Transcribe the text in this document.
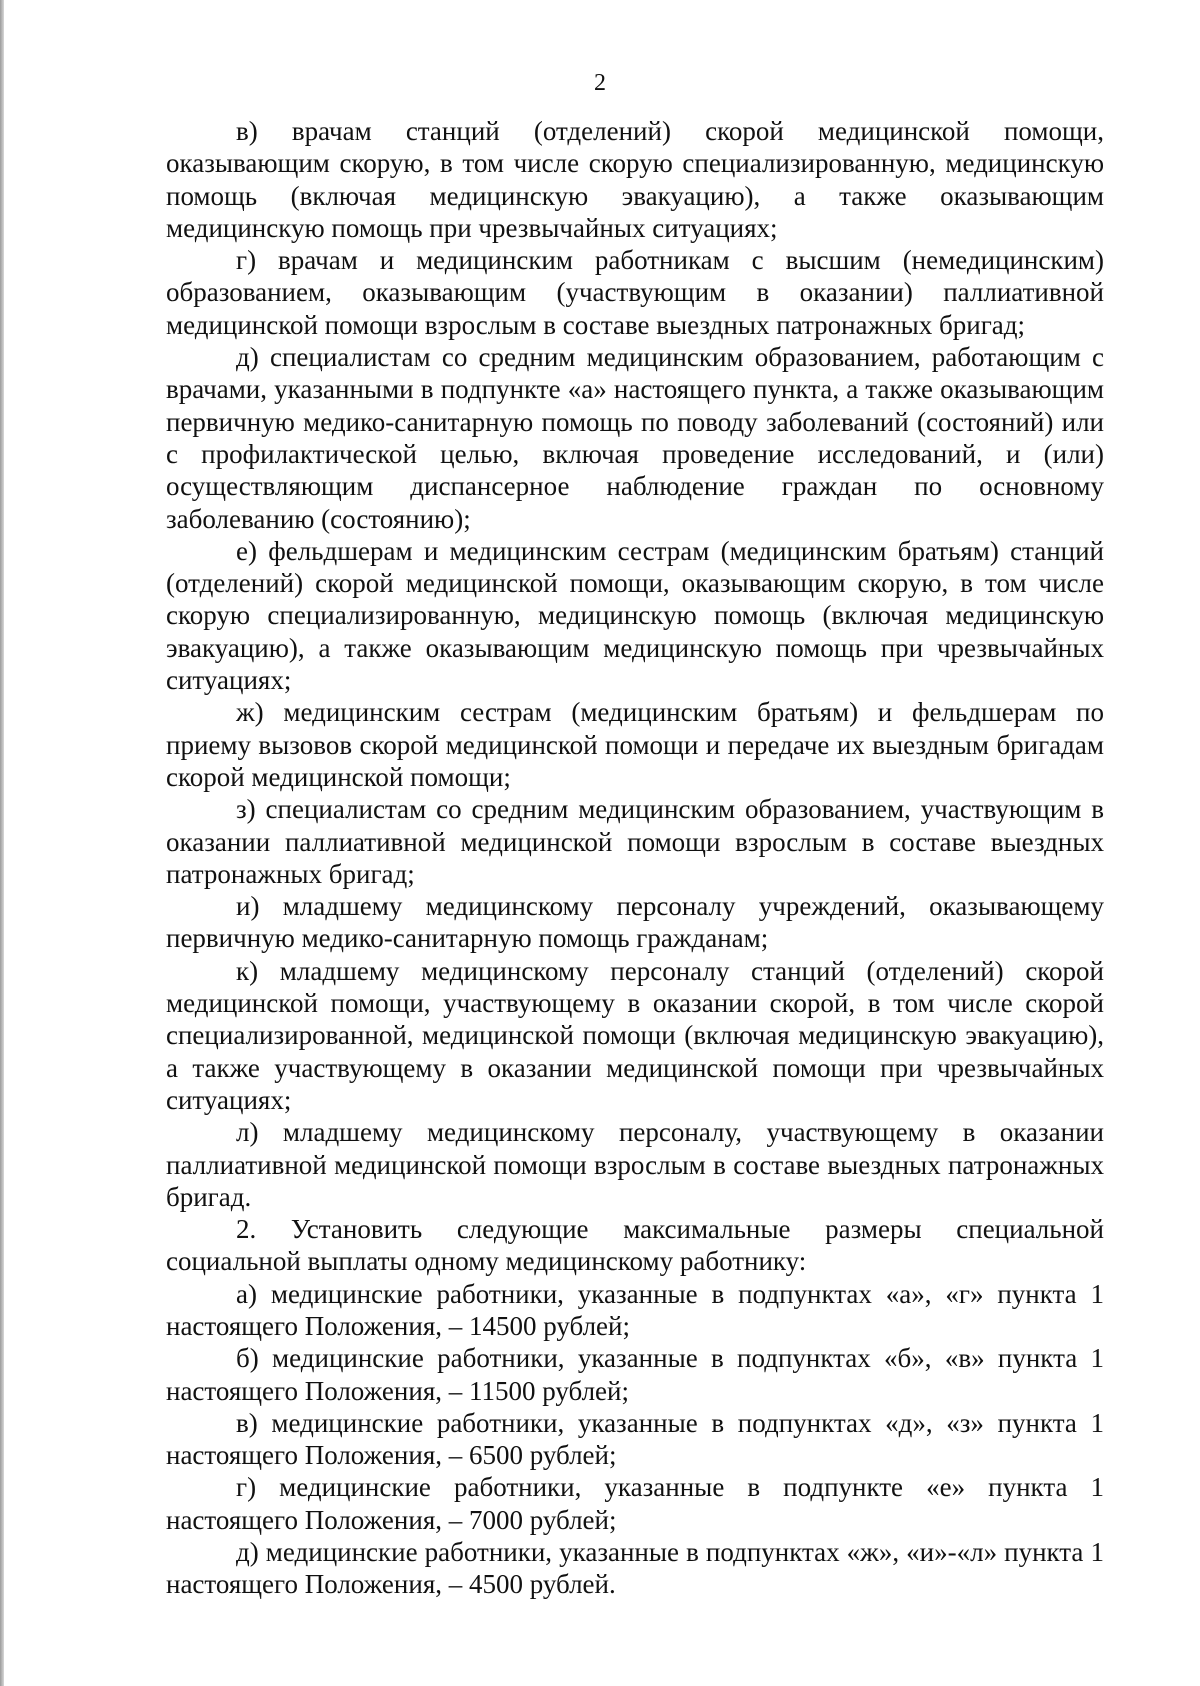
2

в) врачам станций (отделений) скорой медицинской помощи, оказывающим скорую, в том числе скорую специализированную, медицинскую помощь (включая медицинскую эвакуацию), а также оказывающим медицинскую помощь при чрезвычайных ситуациях;

г) врачам и медицинским работникам с высшим (немедицинским) образованием, оказывающим (участвующим в оказании) паллиативной медицинской помощи взрослым в составе выездных патронажных бригад;

д) специалистам со средним медицинским образованием, работающим с врачами, указанными в подпункте «а» настоящего пункта, а также оказывающим первичную медико-санитарную помощь по поводу заболеваний (состояний) или с профилактической целью, включая проведение исследований, и (или) осуществляющим диспансерное наблюдение граждан по основному заболеванию (состоянию);

е) фельдшерам и медицинским сестрам (медицинским братьям) станций (отделений) скорой медицинской помощи, оказывающим скорую, в том числе скорую специализированную, медицинскую помощь (включая медицинскую эвакуацию), а также оказывающим медицинскую помощь при чрезвычайных ситуациях;

ж) медицинским сестрам (медицинским братьям) и фельдшерам по приему вызовов скорой медицинской помощи и передаче их выездным бригадам скорой медицинской помощи;

з) специалистам со средним медицинским образованием, участвующим в оказании паллиативной медицинской помощи взрослым в составе выездных патронажных бригад;

и) младшему медицинскому персоналу учреждений, оказывающему первичную медико-санитарную помощь гражданам;

к) младшему медицинскому персоналу станций (отделений) скорой медицинской помощи, участвующему в оказании скорой, в том числе скорой специализированной, медицинской помощи (включая медицинскую эвакуацию), а также участвующему в оказании медицинской помощи при чрезвычайных ситуациях;

л) младшему медицинскому персоналу, участвующему в оказании паллиативной медицинской помощи взрослым в составе выездных патронажных бригад.

2. Установить следующие максимальные размеры специальной социальной выплаты одному медицинскому работнику:

а) медицинские работники, указанные в подпунктах «а», «г» пункта 1 настоящего Положения, – 14500 рублей;

б) медицинские работники, указанные в подпунктах «б», «в» пункта 1 настоящего Положения, – 11500 рублей;

в) медицинские работники, указанные в подпунктах «д», «з» пункта 1 настоящего Положения, – 6500 рублей;

г) медицинские работники, указанные в подпункте «е» пункта 1 настоящего Положения, – 7000 рублей;

д) медицинские работники, указанные в подпунктах «ж», «и»-«л» пункта 1 настоящего Положения, – 4500 рублей.
